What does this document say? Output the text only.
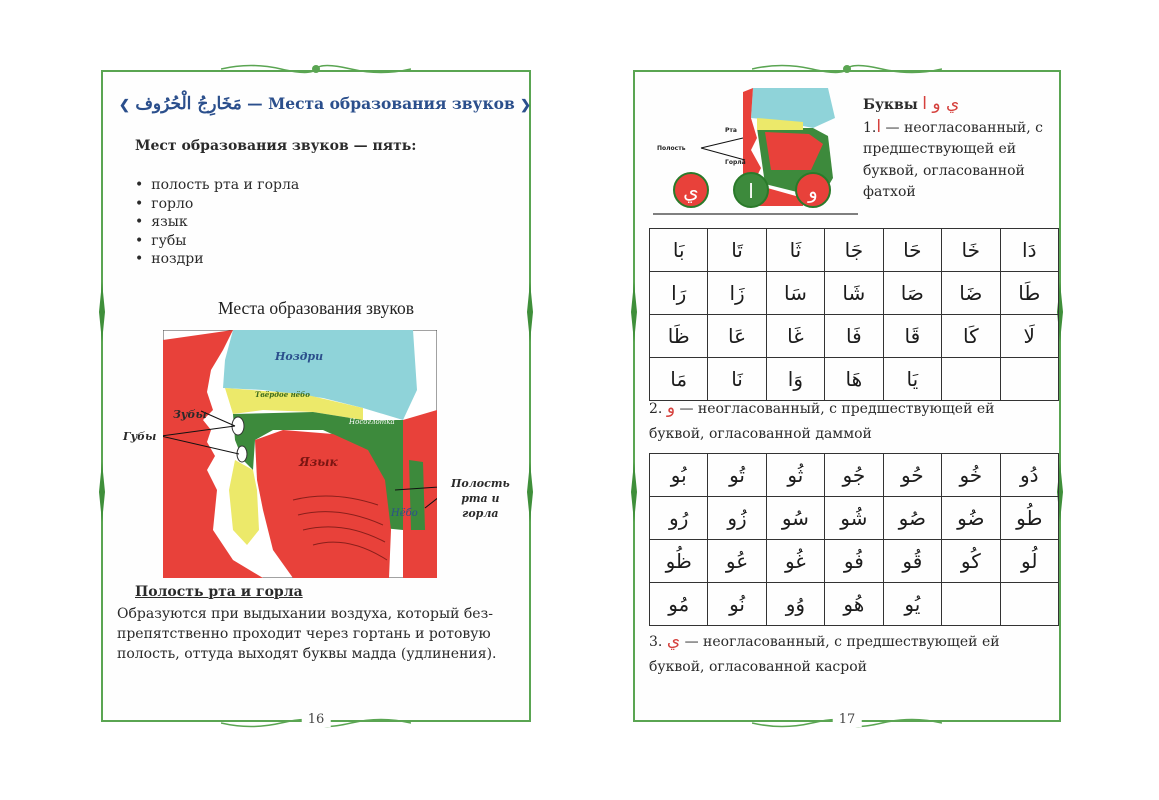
❮ مَخَارِجُ الْحُرُوف — Места образования звуков ❯
Мест образования звуков — пять:
• полость рта и горла
• горло
• язык
• губы
• ноздри
Места образования звуков
Ноздри
Твёрдое нёбо
Носоглотка
Язык
Нёбо
Зубы
Губы
Полость
рта и
горла
Полость рта и горла
Образуются при выдыхании воздуха, который без-препятственно проходит через гортань и ротовую полость, оттуда выходят буквы мадда (удлинения).
16
Рта
Полость
Горла
ي ا	و
Буквы ي و ا
1.ا — неогласованный, с предшествующей ей буквой, огласованной фатхой
بَا	تَا	ثَا	جَا	حَا	خَا	دَا
رَا	زَا	سَا	شَا	صَا	ضَا	طَا
ظَا	عَا	غَا	فَا	قَا	كَا	لَا
مَا	نَا	وَا	هَا	يَا		
2. و — неогласованный, с предшествующей ей буквой, огласованной даммой
بُو	تُو	ثُو	جُو	حُو	خُو	دُو
رُو	زُو	سُو	شُو	صُو	ضُو	طُو
ظُو	عُو	غُو	فُو	قُو	كُو	لُو
مُو	نُو	وُو	هُو	يُو		
3. ي — неогласованный, с предшествующей ей буквой, огласованной касрой
17
